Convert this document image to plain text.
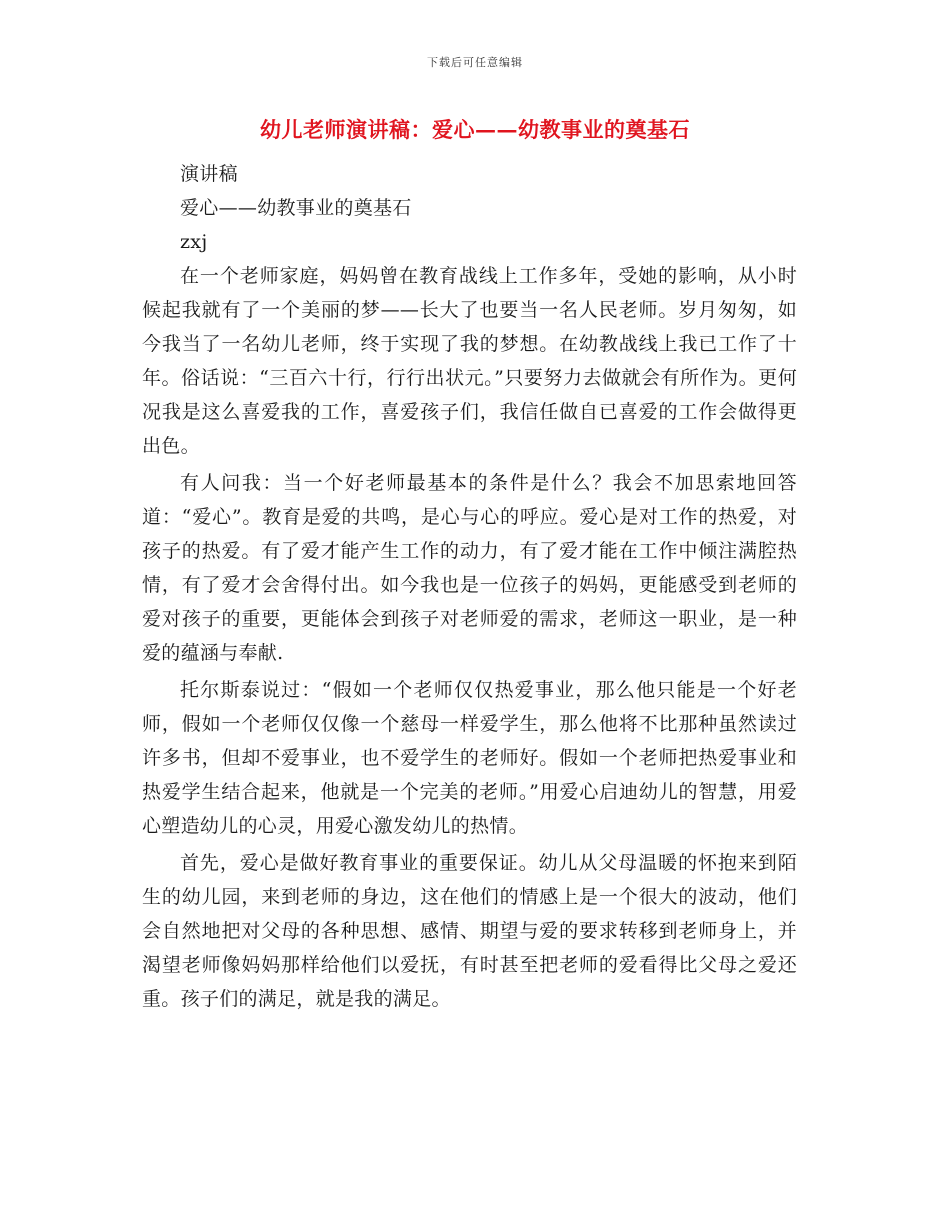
下载后可任意编辑
幼儿老师演讲稿：爱心——幼教事业的奠基石

演讲稿

爱心——幼教事业的奠基石

zxj

在一个老师家庭，妈妈曾在教育战线上工作多年，受她的影响，从小时候起我就有了一个美丽的梦——长大了也要当一名人民老师。岁月匆匆，如今我当了一名幼儿老师，终于实现了我的梦想。在幼教战线上我已工作了十年。俗话说：“三百六十行，行行出状元。”只要努力去做就会有所作为。更何况我是这么喜爱我的工作，喜爱孩子们，我信任做自已喜爱的工作会做得更出色。

有人问我：当一个好老师最基本的条件是什么？我会不加思索地回答道：“爱心”。教育是爱的共鸣，是心与心的呼应。爱心是对工作的热爱，对孩子的热爱。有了爱才能产生工作的动力，有了爱才能在工作中倾注满腔热情，有了爱才会舍得付出。如今我也是一位孩子的妈妈，更能感受到老师的爱对孩子的重要，更能体会到孩子对老师爱的需求，老师这一职业，是一种爱的蕴涵与奉献.

托尔斯泰说过：“假如一个老师仅仅热爱事业，那么他只能是一个好老师，假如一个老师仅仅像一个慈母一样爱学生，那么他将不比那种虽然读过许多书，但却不爱事业，也不爱学生的老师好。假如一个老师把热爱事业和热爱学生结合起来，他就是一个完美的老师。”用爱心启迪幼儿的智慧，用爱心塑造幼儿的心灵，用爱心激发幼儿的热情。

首先，爱心是做好教育事业的重要保证。幼儿从父母温暖的怀抱来到陌生的幼儿园，来到老师的身边，这在他们的情感上是一个很大的波动，他们会自然地把对父母的各种思想、感情、期望与爱的要求转移到老师身上，并渴望老师像妈妈那样给他们以爱抚，有时甚至把老师的爱看得比父母之爱还重。孩子们的满足，就是我的满足。
